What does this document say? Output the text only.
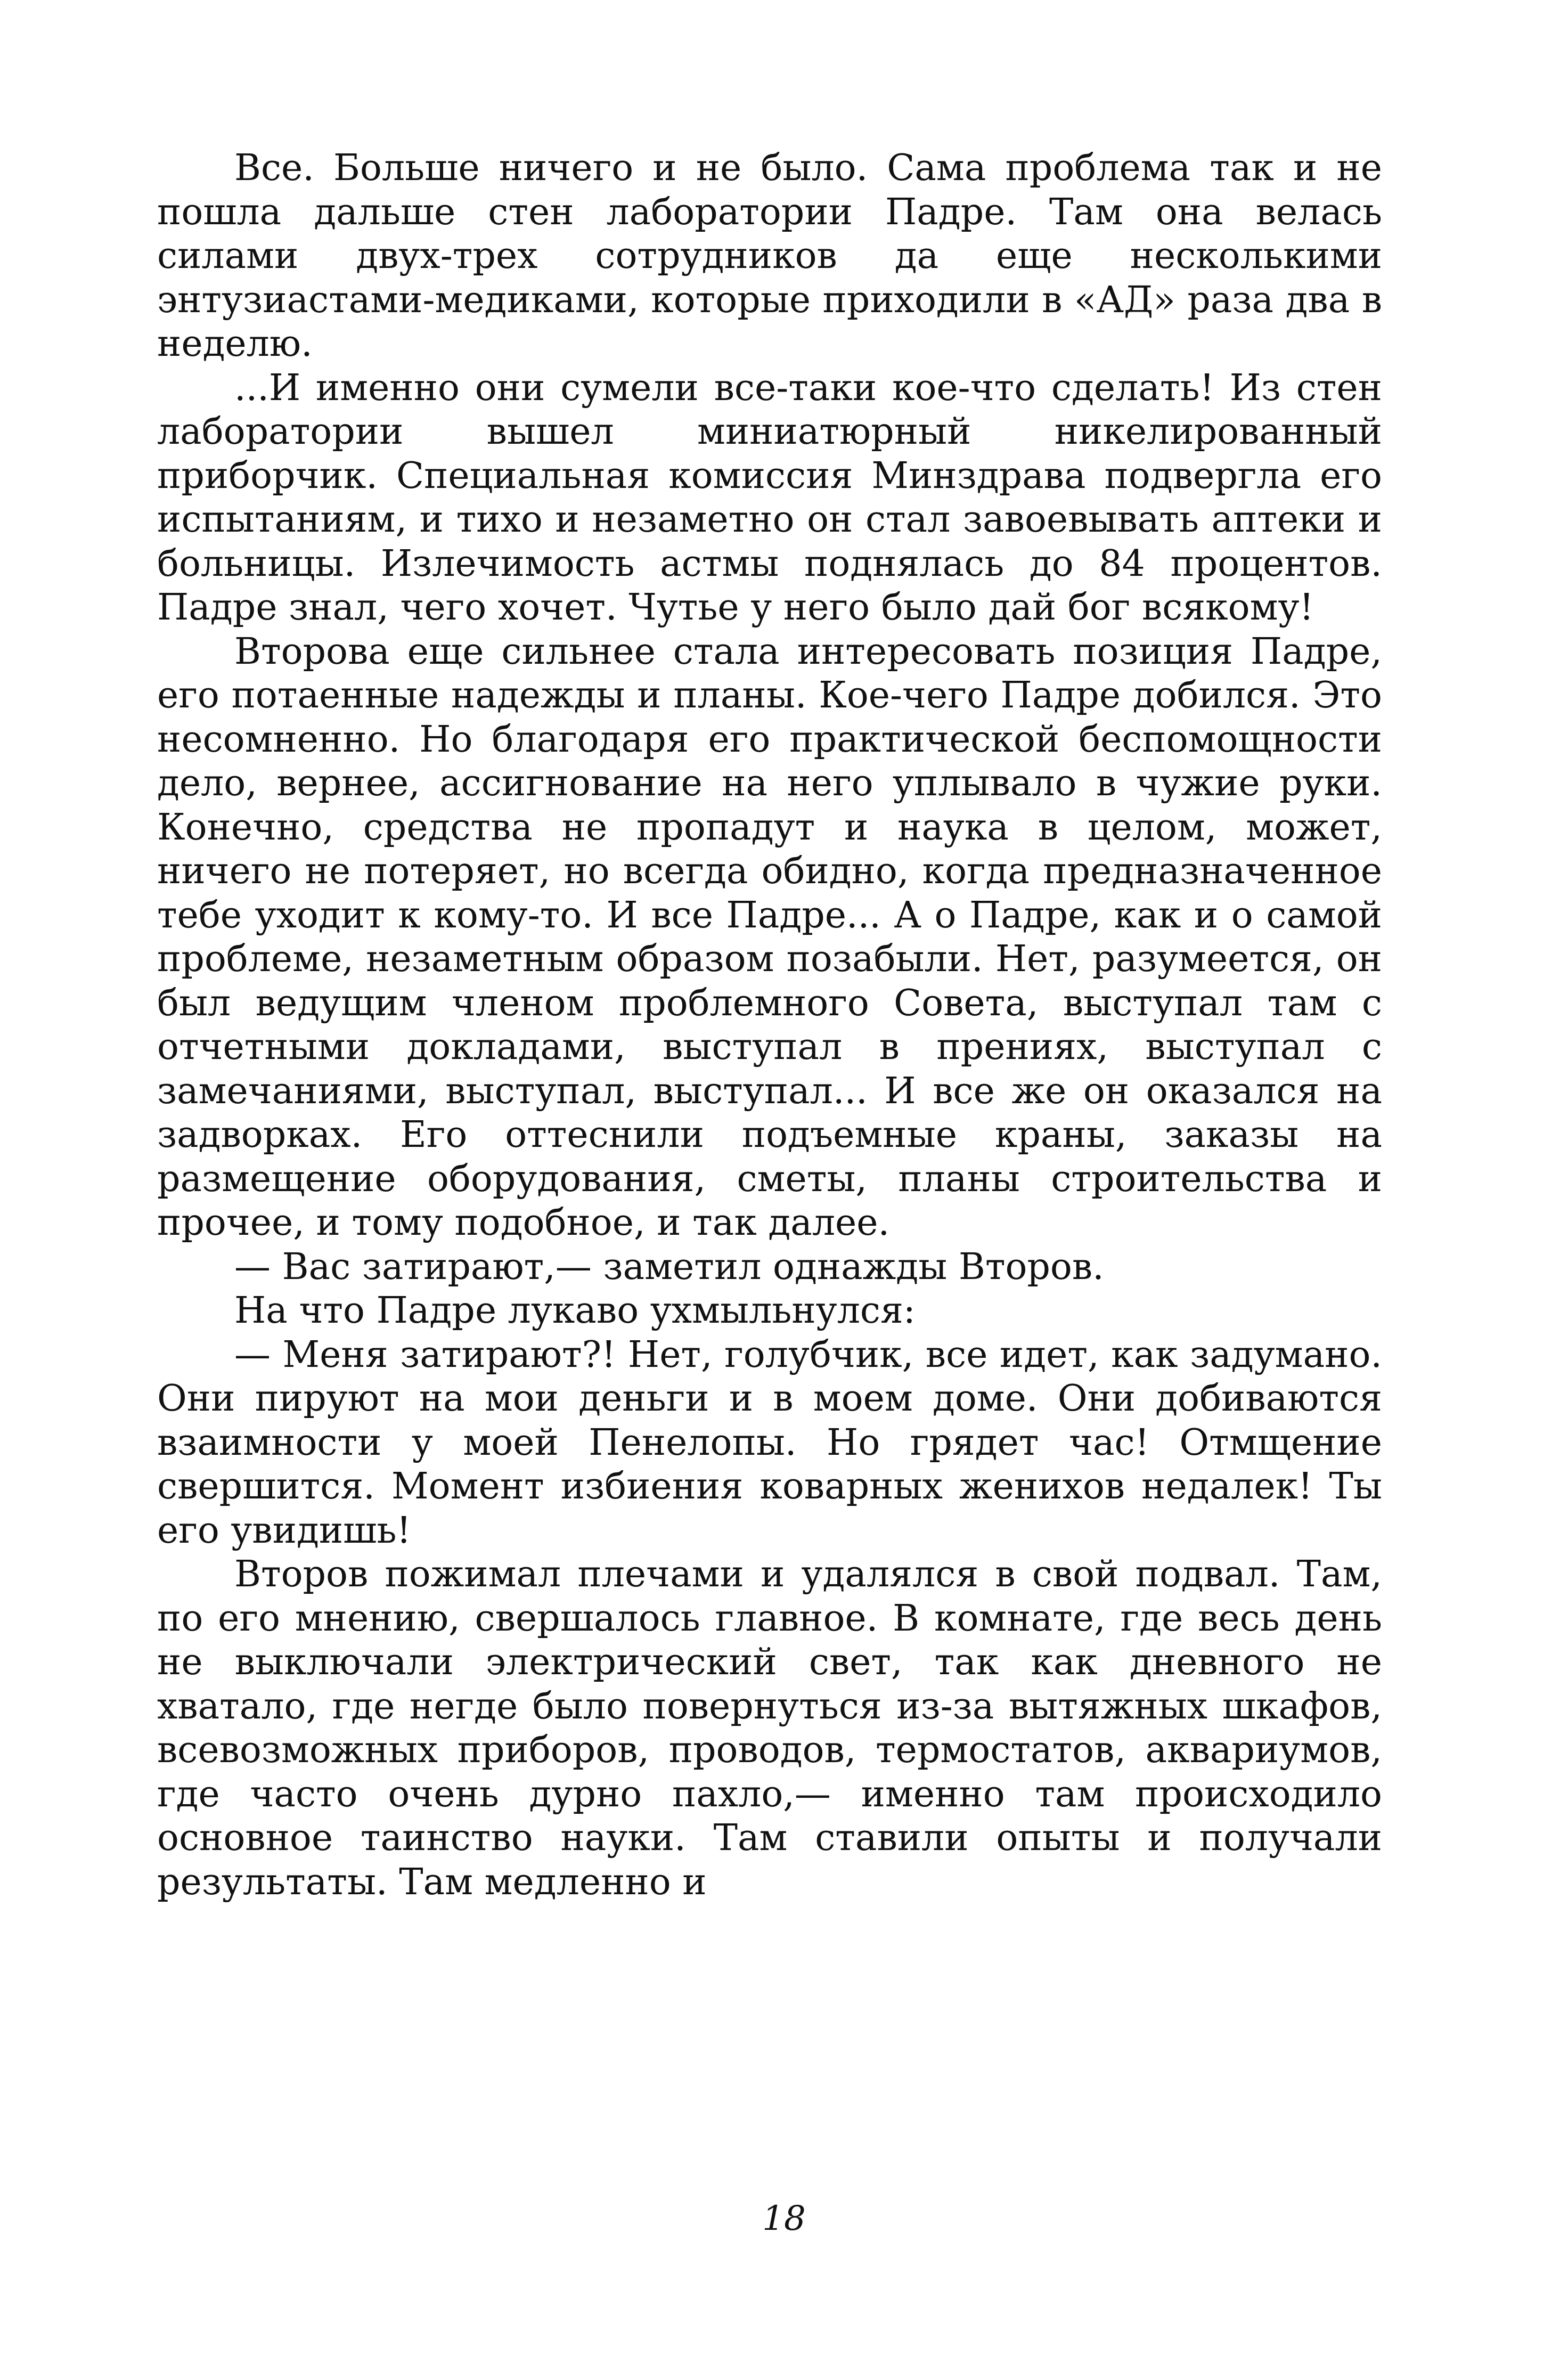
Все. Больше ничего и не было. Сама проблема так и не пошла дальше стен лаборатории Падре. Там она велась силами двух-трех сотрудников да еще несколькими энтузиастами-медиками, которые приходили в «АД» раза два в неделю.

...И именно они сумели все-таки кое-что сделать! Из стен лаборатории вышел миниатюрный никелированный приборчик. Специальная комиссия Минздрава подвергла его испытаниям, и тихо и незаметно он стал завоевывать аптеки и больницы. Излечимость астмы поднялась до 84 процентов. Падре знал, чего хочет. Чутье у него было дай бог всякому!

Второва еще сильнее стала интересовать позиция Падре, его потаенные надежды и планы. Кое-чего Падре добился. Это несомненно. Но благодаря его практической беспомощности дело, вернее, ассигнование на него уплывало в чужие руки. Конечно, средства не пропадут и наука в целом, может, ничего не потеряет, но всегда обидно, когда предназначенное тебе уходит к кому-то. И все Падре... А о Падре, как и о самой проблеме, незаметным образом позабыли. Нет, разумеется, он был ведущим членом проблемного Совета, выступал там с отчетными докладами, выступал в прениях, выступал с замечаниями, выступал, выступал... И все же он оказался на задворках. Его оттеснили подъемные краны, заказы на размещение оборудования, сметы, планы строительства и прочее, и тому подобное, и так далее.

— Вас затирают,— заметил однажды Второв.

На что Падре лукаво ухмыльнулся:

— Меня затирают?! Нет, голубчик, все идет, как задумано. Они пируют на мои деньги и в моем доме. Они добиваются взаимности у моей Пенелопы. Но грядет час! Отмщение свершится. Момент избиения коварных женихов недалек! Ты его увидишь!

Второв пожимал плечами и удалялся в свой подвал. Там, по его мнению, свершалось главное. В комнате, где весь день не выключали электрический свет, так как дневного не хватало, где негде было повернуться из-за вытяжных шкафов, всевозможных приборов, проводов, термостатов, аквариумов, где часто очень дурно пахло,— именно там происходило основное таинство науки. Там ставили опыты и получали результаты. Там медленно и

18
